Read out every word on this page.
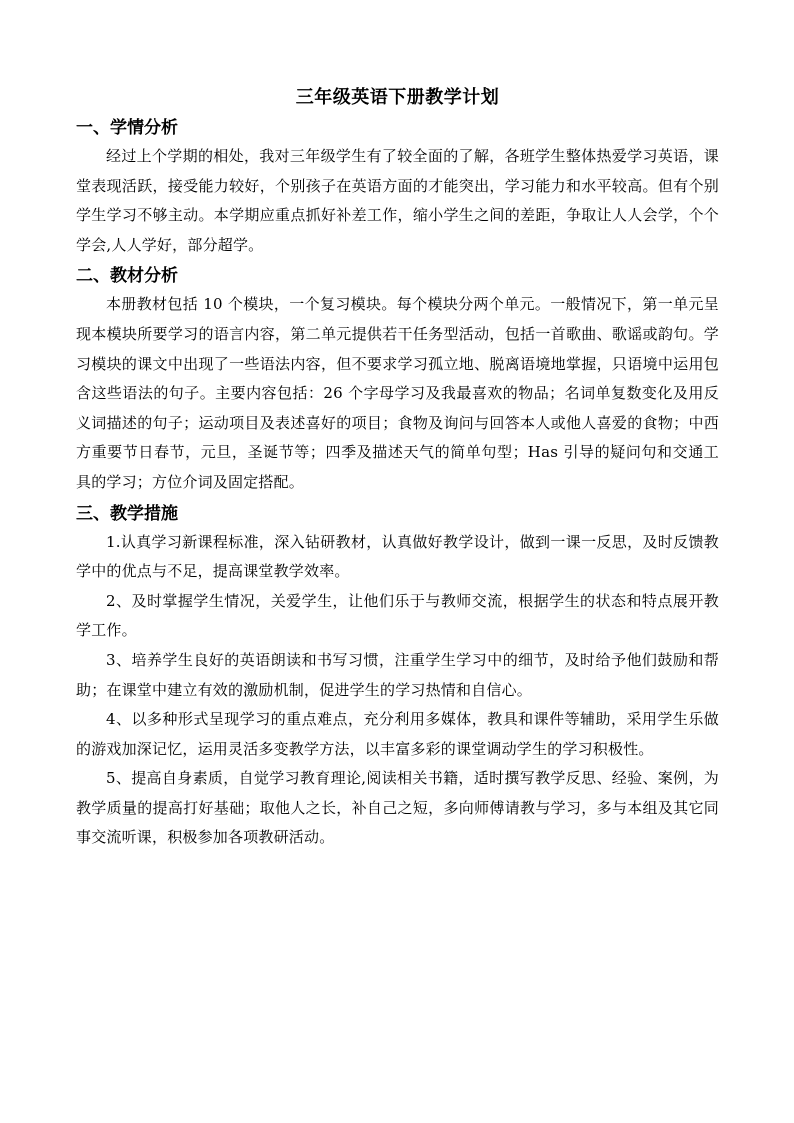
三年级英语下册教学计划
一、学情分析

经过上个学期的相处，我对三年级学生有了较全面的了解，各班学生整体热爱学习英语，课堂表现活跃，接受能力较好，个别孩子在英语方面的才能突出，学习能力和水平较高。但有个别学生学习不够主动。本学期应重点抓好补差工作，缩小学生之间的差距，争取让人人会学，个个学会,人人学好，部分超学。

二、教材分析

本册教材包括 10 个模块，一个复习模块。每个模块分两个单元。一般情况下，第一单元呈现本模块所要学习的语言内容，第二单元提供若干任务型活动，包括一首歌曲、歌谣或韵句。学习模块的课文中出现了一些语法内容，但不要求学习孤立地、脱离语境地掌握，只语境中运用包含这些语法的句子。主要内容包括：26 个字母学习及我最喜欢的物品；名词单复数变化及用反义词描述的句子；运动项目及表述喜好的项目；食物及询问与回答本人或他人喜爱的食物；中西方重要节日春节，元旦，圣诞节等；四季及描述天气的简单句型；Has 引导的疑问句和交通工具的学习；方位介词及固定搭配。

三、教学措施

1.认真学习新课程标准，深入钻研教材，认真做好教学设计，做到一课一反思，及时反馈教学中的优点与不足，提高课堂教学效率。

2、及时掌握学生情况，关爱学生，让他们乐于与教师交流，根据学生的状态和特点展开教学工作。

3、培养学生良好的英语朗读和书写习惯，注重学生学习中的细节，及时给予他们鼓励和帮助；在课堂中建立有效的激励机制，促进学生的学习热情和自信心。

4、以多种形式呈现学习的重点难点，充分利用多媒体，教具和课件等辅助，采用学生乐做的游戏加深记忆，运用灵活多变教学方法，以丰富多彩的课堂调动学生的学习积极性。

5、提高自身素质，自觉学习教育理论,阅读相关书籍，适时撰写教学反思、经验、案例，为教学质量的提高打好基础；取他人之长，补自己之短，多向师傅请教与学习，多与本组及其它同事交流听课，积极参加各项教研活动。
